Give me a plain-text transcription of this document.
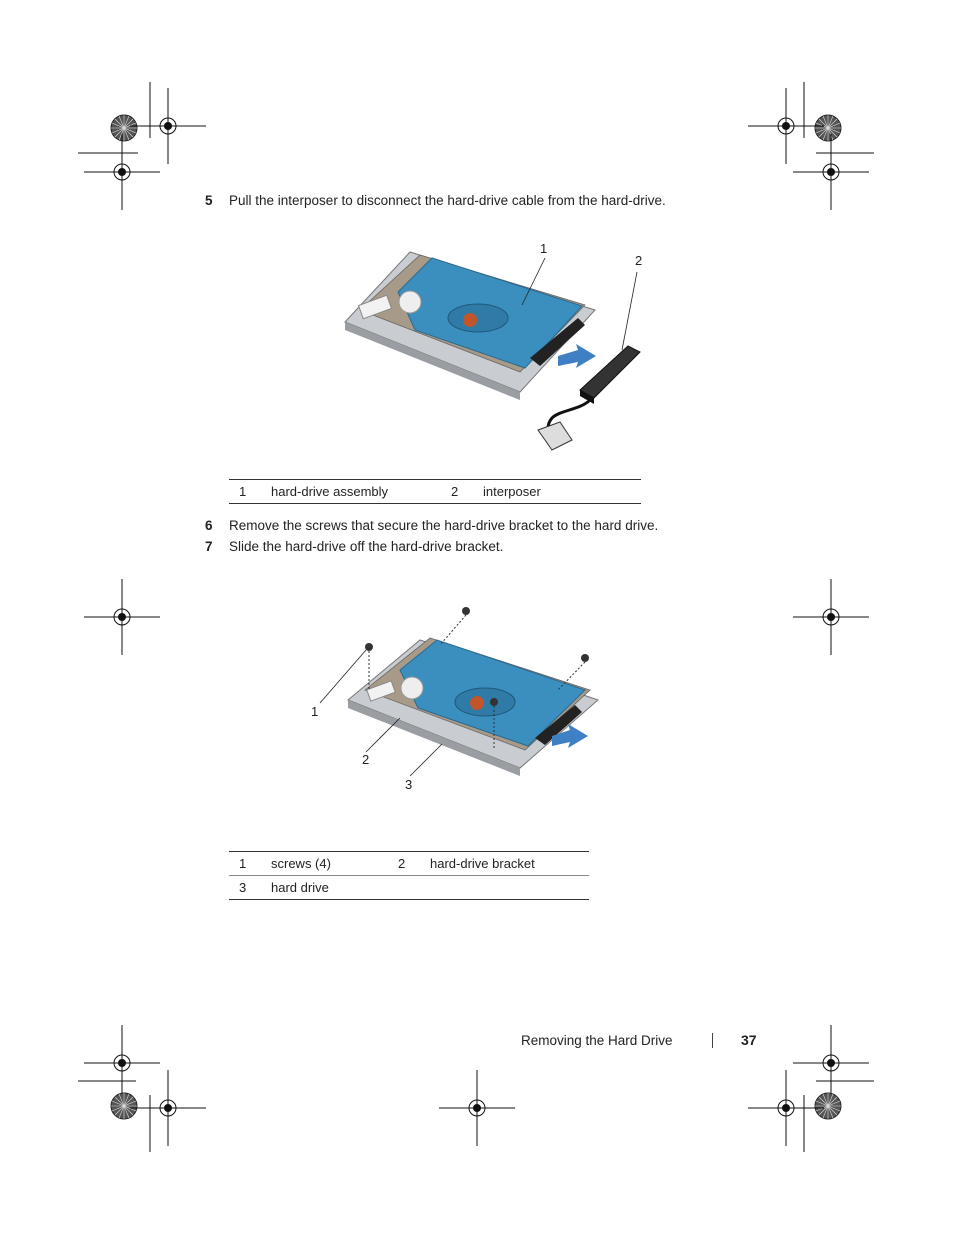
5 Pull the interposer to disconnect the hard-drive cable from the hard-drive.
1
2
1	hard-drive assembly	2	interposer
6 Remove the screws that secure the hard-drive bracket to the hard drive.
7 Slide the hard-drive off the hard-drive bracket.
1
2
3
1	screws (4)	2	hard-drive bracket
3	hard drive		
Removing the Hard Drive	37
